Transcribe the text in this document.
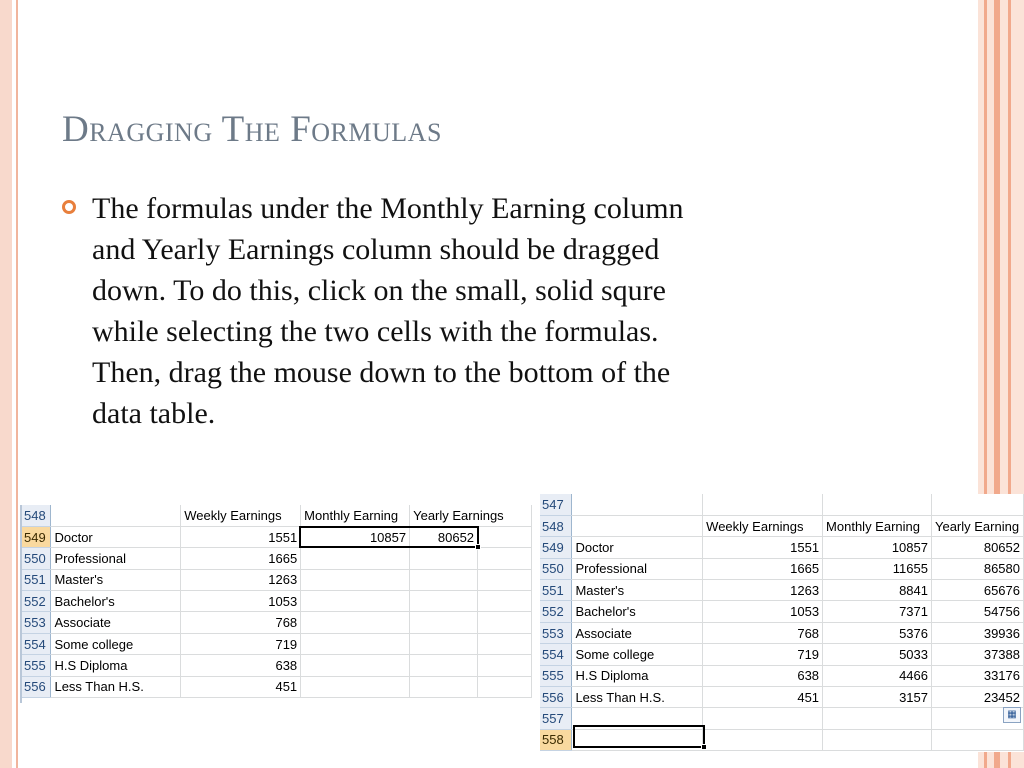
Dragging The Formulas
The formulas under the Monthly Earning column
and Yearly Earnings column should be dragged
down. To do this, click on the small, solid squre
while selecting the two cells with the formulas.
Then, drag the mouse down to the bottom of the
data table.
548		Weekly Earnings	Monthly Earning	Yearly Earnings	
549	Doctor	1551	10857	80652	
550	Professional	1665			
551	Master's	1263			
552	Bachelor's	1053			
553	Associate	768			
554	Some college	719			
555	H.S Diploma	638			
556	Less Than H.S.	451			
547				
548		Weekly Earnings	Monthly Earning	Yearly Earning
549	Doctor	1551	10857	80652
550	Professional	1665	11655	86580
551	Master's	1263	8841	65676
552	Bachelor's	1053	7371	54756
553	Associate	768	5376	39936
554	Some college	719	5033	37388
555	H.S Diploma	638	4466	33176
556	Less Than H.S.	451	3157	23452
557				
558				
▦
